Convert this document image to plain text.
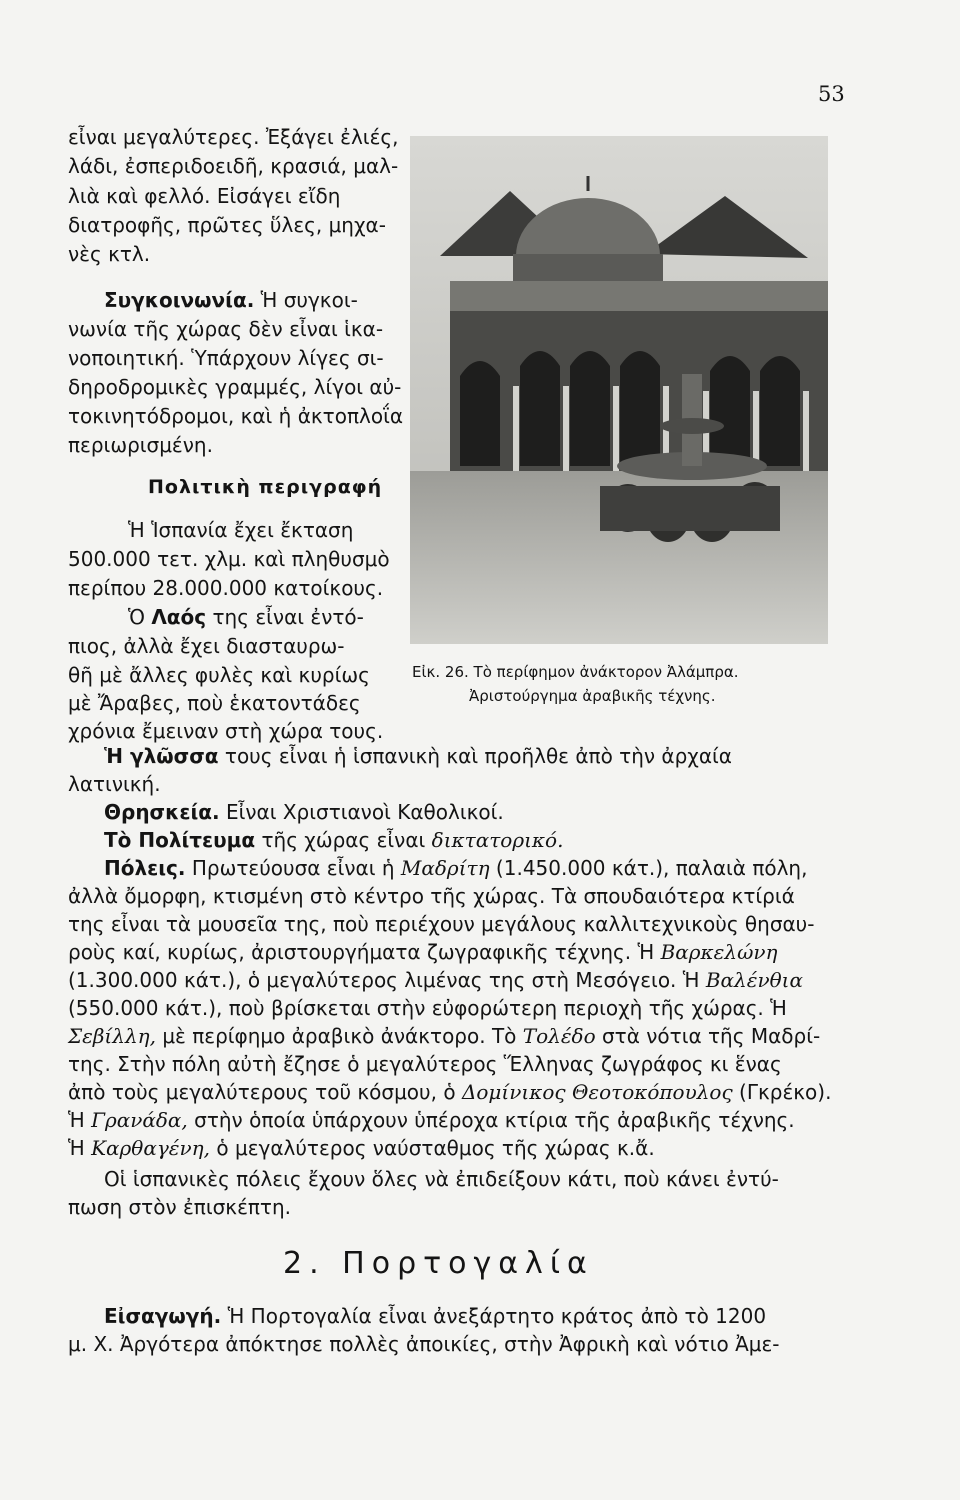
53
εἶναι μεγαλύτερες. Ἐξάγει ἐλιές,
λάδι, ἐσπεριδοειδῆ, κρασιά, μαλ-
λιὰ καὶ φελλό. Εἰσάγει εἴδη
διατροφῆς, πρῶτες ὕλες, μηχα-
νὲς κτλ.
Συγκοινωνία. Ἡ συγκοι-
νωνία τῆς χώρας δὲν εἶναι ἱκα-
νοποιητική. Ὑπάρχουν λίγες σι-
δηροδρομικὲς γραμμές, λίγοι αὐ-
τοκινητόδρομοι, καὶ ἡ ἀκτοπλοΐα
περιωρισμένη.
Πολιτικὴ περιγραφή
Ἡ Ἱσπανία ἔχει ἔκταση
500.000 τετ. χλμ. καὶ πληθυσμὸ
περίπου 28.000.000 κατοίκους.
Ὁ Λαός της εἶναι ἐντό-
πιος, ἀλλὰ ἔχει διασταυρω-
θῆ μὲ ἄλλες φυλὲς καὶ κυρίως
μὲ Ἄραβες, ποὺ ἑκατοντάδες
χρόνια ἔμειναν στὴ χώρα τους.
Εἰκ. 26. Τὸ περίφημον ἀνάκτορον Ἀλάμπρα.
Ἀριστούργημα ἀραβικῆς τέχνης.
Ἡ γλῶσσα τους εἶναι ἡ ἱσπανικὴ καὶ προῆλθε ἀπὸ τὴν ἀρχαία
λατινική.
Θρησκεία. Εἶναι Χριστιανοὶ Καθολικοί.
Τὸ Πολίτευμα τῆς χώρας εἶναι δικτατορικό.
Πόλεις. Πρωτεύουσα εἶναι ἡ Μαδρίτη (1.450.000 κάτ.), παλαιὰ πόλη,
ἀλλὰ ὄμορφη, κτισμένη στὸ κέντρο τῆς χώρας. Τὰ σπουδαιότερα κτίριά
της εἶναι τὰ μουσεῖα της, ποὺ περιέχουν μεγάλους καλλιτεχνικοὺς θησαυ-
ροὺς καί, κυρίως, ἀριστουργήματα ζωγραφικῆς τέχνης. Ἡ Βαρκελώνη
(1.300.000 κάτ.), ὁ μεγαλύτερος λιμένας της στὴ Μεσόγειο. Ἡ Βαλένθια
(550.000 κάτ.), ποὺ βρίσκεται στὴν εὐφορώτερη περιοχὴ τῆς χώρας. Ἡ
Σεβίλλη, μὲ περίφημο ἀραβικὸ ἀνάκτορο. Τὸ Τολέδο στὰ νότια τῆς Μαδρί-
της. Στὴν πόλη αὐτὴ ἔζησε ὁ μεγαλύτερος Ἕλληνας ζωγράφος κι ἕνας
ἀπὸ τοὺς μεγαλύτερους τοῦ κόσμου, ὁ Δομίνικος Θεοτοκόπουλος (Γκρέκο).
Ἡ Γρανάδα, στὴν ὁποία ὑπάρχουν ὑπέροχα κτίρια τῆς ἀραβικῆς τέχνης.
Ἡ Καρθαγένη, ὁ μεγαλύτερος ναύσταθμος τῆς χώρας κ.ἄ.
Οἱ ἱσπανικὲς πόλεις ἔχουν ὅλες νὰ ἐπιδείξουν κάτι, ποὺ κάνει ἐντύ-
πωση στὸν ἐπισκέπτη.
2. Πορτογαλία
Εἰσαγωγή. Ἡ Πορτογαλία εἶναι ἀνεξάρτητο κράτος ἀπὸ τὸ 1200
μ. Χ. Ἀργότερα ἀπόκτησε πολλὲς ἀποικίες, στὴν Ἀφρικὴ καὶ νότιο Ἀμε-
